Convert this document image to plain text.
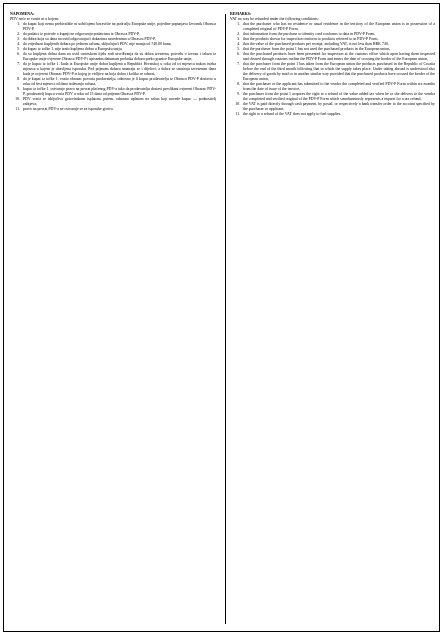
NAPOMENA:
PDV neće se vratiti ni u kojem:
1. da kupac koji nema prebivalište ni uobičajeno boravište na području Europske unije, pojedine popunjava Izvornik Obrasca PDV-P,
2. da podatci iz potvrde o kupnji ne odgovaraju podatcima iz Obrasca PDV-P,
3. da dobra koja su dana na uvid odgovarajući dokazima navedenima u Obrascu PDV-P,
4. da vrijednost kupljenih dobara po jednom računu, uključujući PDV, nije manja od 740,00 kuna,
5. da kupac iz točke 1. nije iznio kupljena dobra u Europsku uniju,
6. da su kupljena dobra dana na uvid carinskom tijelu radi utvrđivanja da su dobra izvezena, potvrdu o izvozu i izlazu iz Europske unije ovjerene Obrasca PDV-P i upisanim datumom prelaska dobara preko granice Europske unije,
7. da je kupac iz točke 1. kada iz Europske unije dobra kupljena u Republici Hrvatskoj u roku od tri mjeseca nakon isteka mjeseca u kojem je obavljena isporuka. Pod pojmom dobara smatraju se i dijelovi, a dobra se smatraju izvezenim dana kada je ovjereni Obrazac PDV-P iz kojeg je vidljivo na koja dobra i koliko se odnosi,
8. da je kupac iz točke 1. vratio obrazac povrata prodavatelju, odnosno je li kupac prodavatelju iz Obrasca PDV-P dostavio u roku od šest mjeseci od dana izdavanja računa,
9. kupac iz točke 1. ostvaruje pravo na povrat plaćenog PDV-a tako da prodavatelju dostavi preslikani ovjereni Obrazac PDV-P, prodavatelj kupcu vraća PDV u roku od 15 dana od prijema Obrasca PDV-P,
10. PDV vraća se isključivo gotovinskom isplatom, putem, odnosno uplatom na račun koji navede kupac — podnositelj zahtjeva,
11. pravo na povrat PDV-a ne ostvaruje se za isporuke goriva.
REMARKS:
VAT no way be refunded under the following conditions:
1. that the purchaser who has no residence or usual residence in the territory of the European union is in possession of a completed original of PDV-P Form,
2. that information from the purchase or identity card conforms to data in PDV-P Form,
3. that the products shown for inspection conform to products referred to in PDV-P Form,
4. that the value of the purchased products per receipt, including VAT, is not less than HRK 740,
5. that the purchaser from the point 1 has not used the purchased products in the European union,
6. that the purchased products have been presented for inspection at the customs office which upon having them inspected and cleared through customs outline the PDV-P Form and enters the date of crossing the border of the European union,
7. that the purchaser from the point 1 has taken from the European union the products purchased in the Republic of Croatia before the end of the third month following that in which the supply takes place. Under taking abroad is understood also the delivery of goods by mail or in another similar way provided that the purchased products have crossed the border of the European union,
8. that the purchaser or the applicant has submitted to the vendor the completed and verified PDV-P Form within six months from the date of issue of the invoice,
9. the purchaser from the point 1 acquires the right to a refund of the value added tax when he or she delivers to the vendor the completed and verified original of the PDV-P Form which simultaneously represents a request for a tax refund,
10. the VAT is paid directly through cash payment, by postal, or respectively a bank transfer order to the account specified by the purchaser or applicant,
11. the right to a refund of the VAT does not apply to fuel supplies.
